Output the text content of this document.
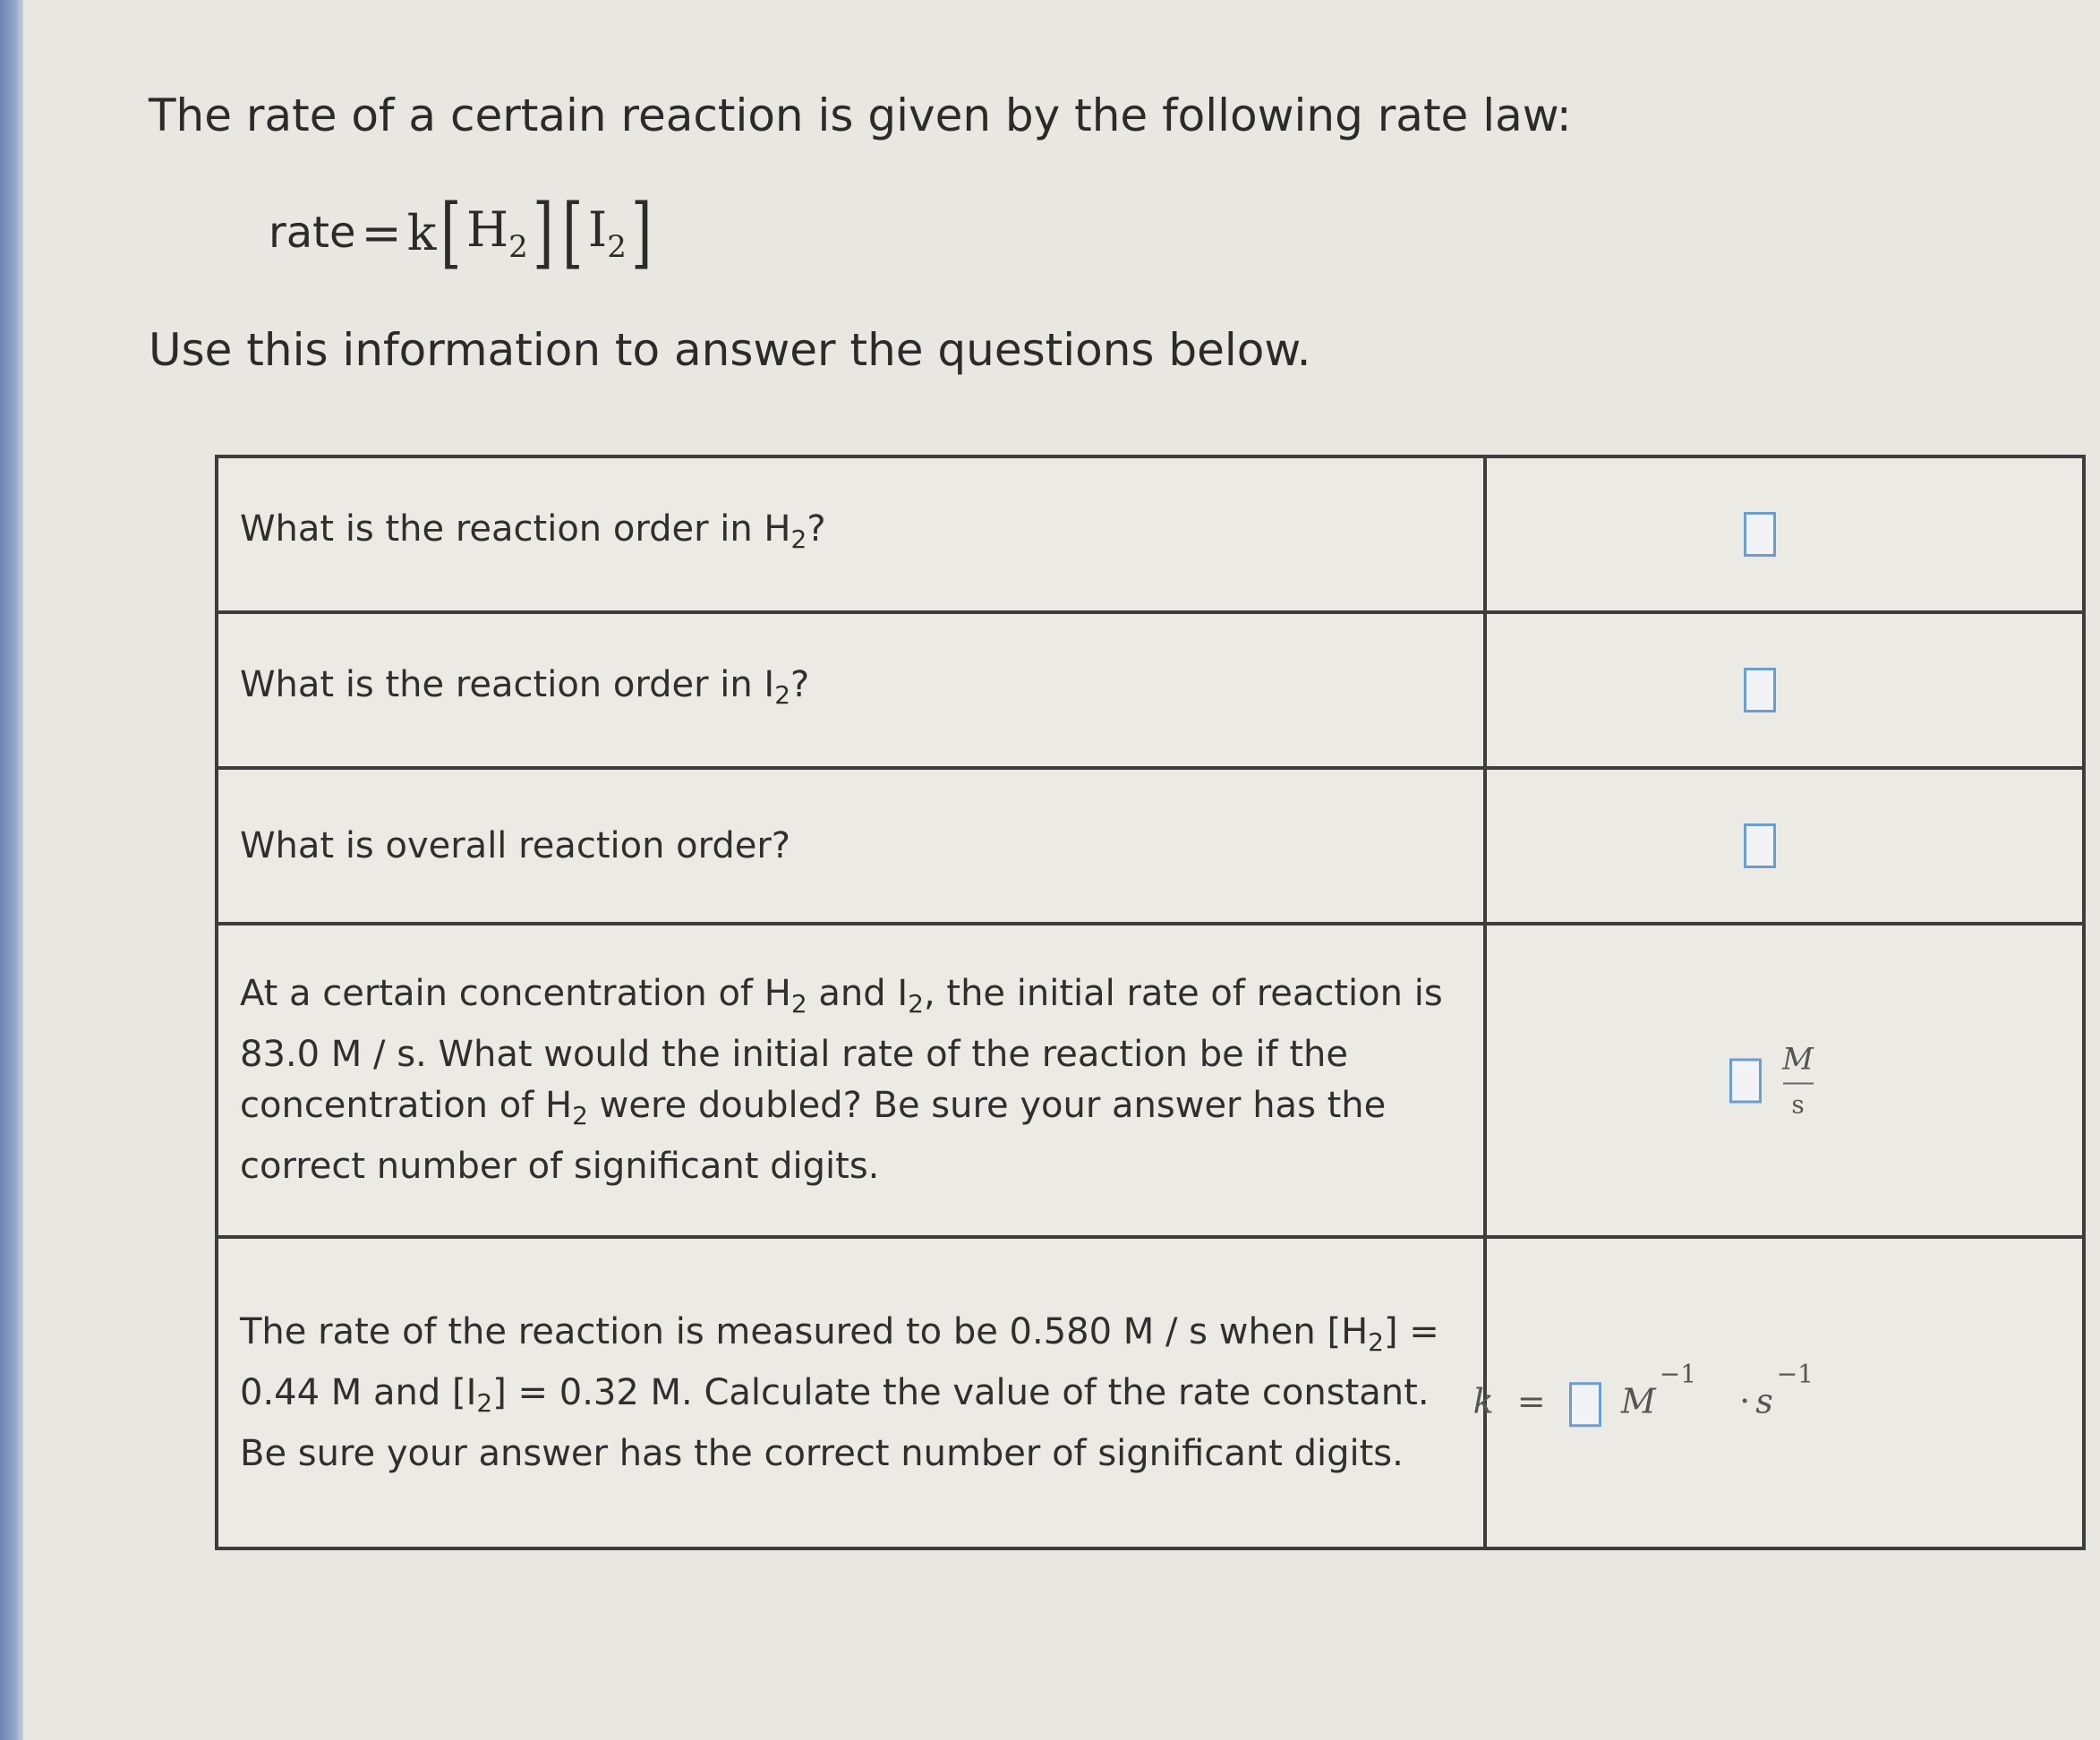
The rate of a certain reaction is given by the following rate law:
rate = k [ $H_2$ ] [ $I_2$ ]
Use this information to answer the questions below.
What is the reaction order in $H_2$?	

What is the reaction order in $I_2$?	

What is overall reaction order?	

At a certain concentration of $H_2$ and $I_2$, the initial rate of reaction is 83.0 M / s. What would the initial rate of the reaction be if the concentration of $H_2$ were doubled? Be sure your answer has the correct number of significant digits.	$\frac{M}{s}$

The rate of the reaction is measured to be 0.580 M / s when $[H_2] = 0.44$ M and $[I_2] = 0.32$ M. Calculate the value of the rate constant. Be sure your answer has the correct number of significant digits.	$k = M^{-1} \cdot s^{-1}$
